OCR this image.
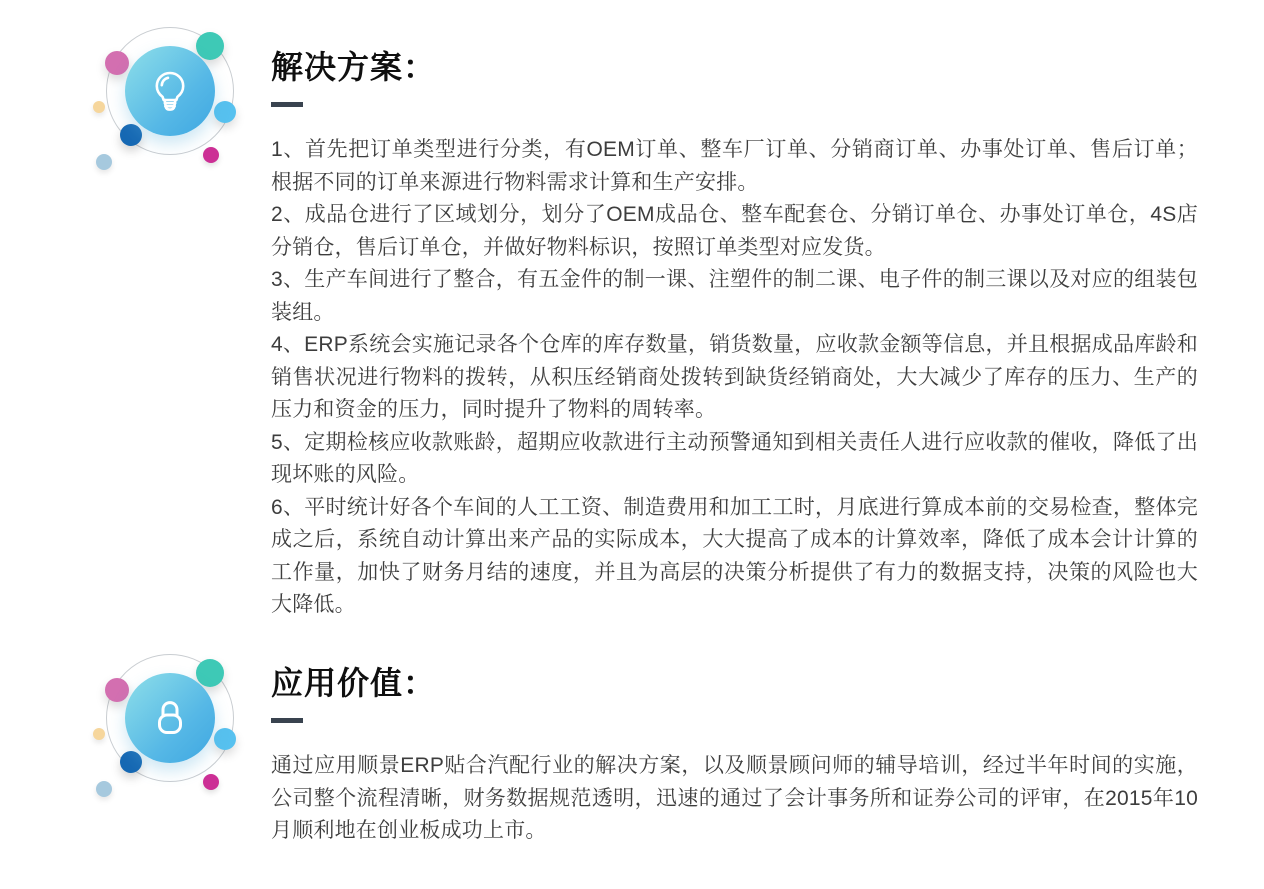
解决方案：

1、首先把订单类型进行分类，有OEM订单、整车厂订单、分销商订单、办事处订单、售后订单；根据不同的订单来源进行物料需求计算和生产安排。

2、成品仓进行了区域划分，划分了OEM成品仓、整车配套仓、分销订单仓、办事处订单仓，4S店分销仓，售后订单仓，并做好物料标识，按照订单类型对应发货。

3、生产车间进行了整合，有五金件的制一课、注塑件的制二课、电子件的制三课以及对应的组装包装组。

4、ERP系统会实施记录各个仓库的库存数量，销货数量，应收款金额等信息，并且根据成品库龄和销售状况进行物料的拨转，从积压经销商处拨转到缺货经销商处，大大减少了库存的压力、生产的压力和资金的压力，同时提升了物料的周转率。

5、定期检核应收款账龄，超期应收款进行主动预警通知到相关责任人进行应收款的催收，降低了出现坏账的风险。

6、平时统计好各个车间的人工工资、制造费用和加工工时，月底进行算成本前的交易检查，整体完成之后，系统自动计算出来产品的实际成本，大大提高了成本的计算效率，降低了成本会计计算的工作量，加快了财务月结的速度，并且为高层的决策分析提供了有力的数据支持，决策的风险也大大降低。

应用价值：

通过应用顺景ERP贴合汽配行业的解决方案，以及顺景顾问师的辅导培训，经过半年时间的实施，公司整个流程清晰，财务数据规范透明，迅速的通过了会计事务所和证券公司的评审，在2015年10月顺利地在创业板成功上市。
